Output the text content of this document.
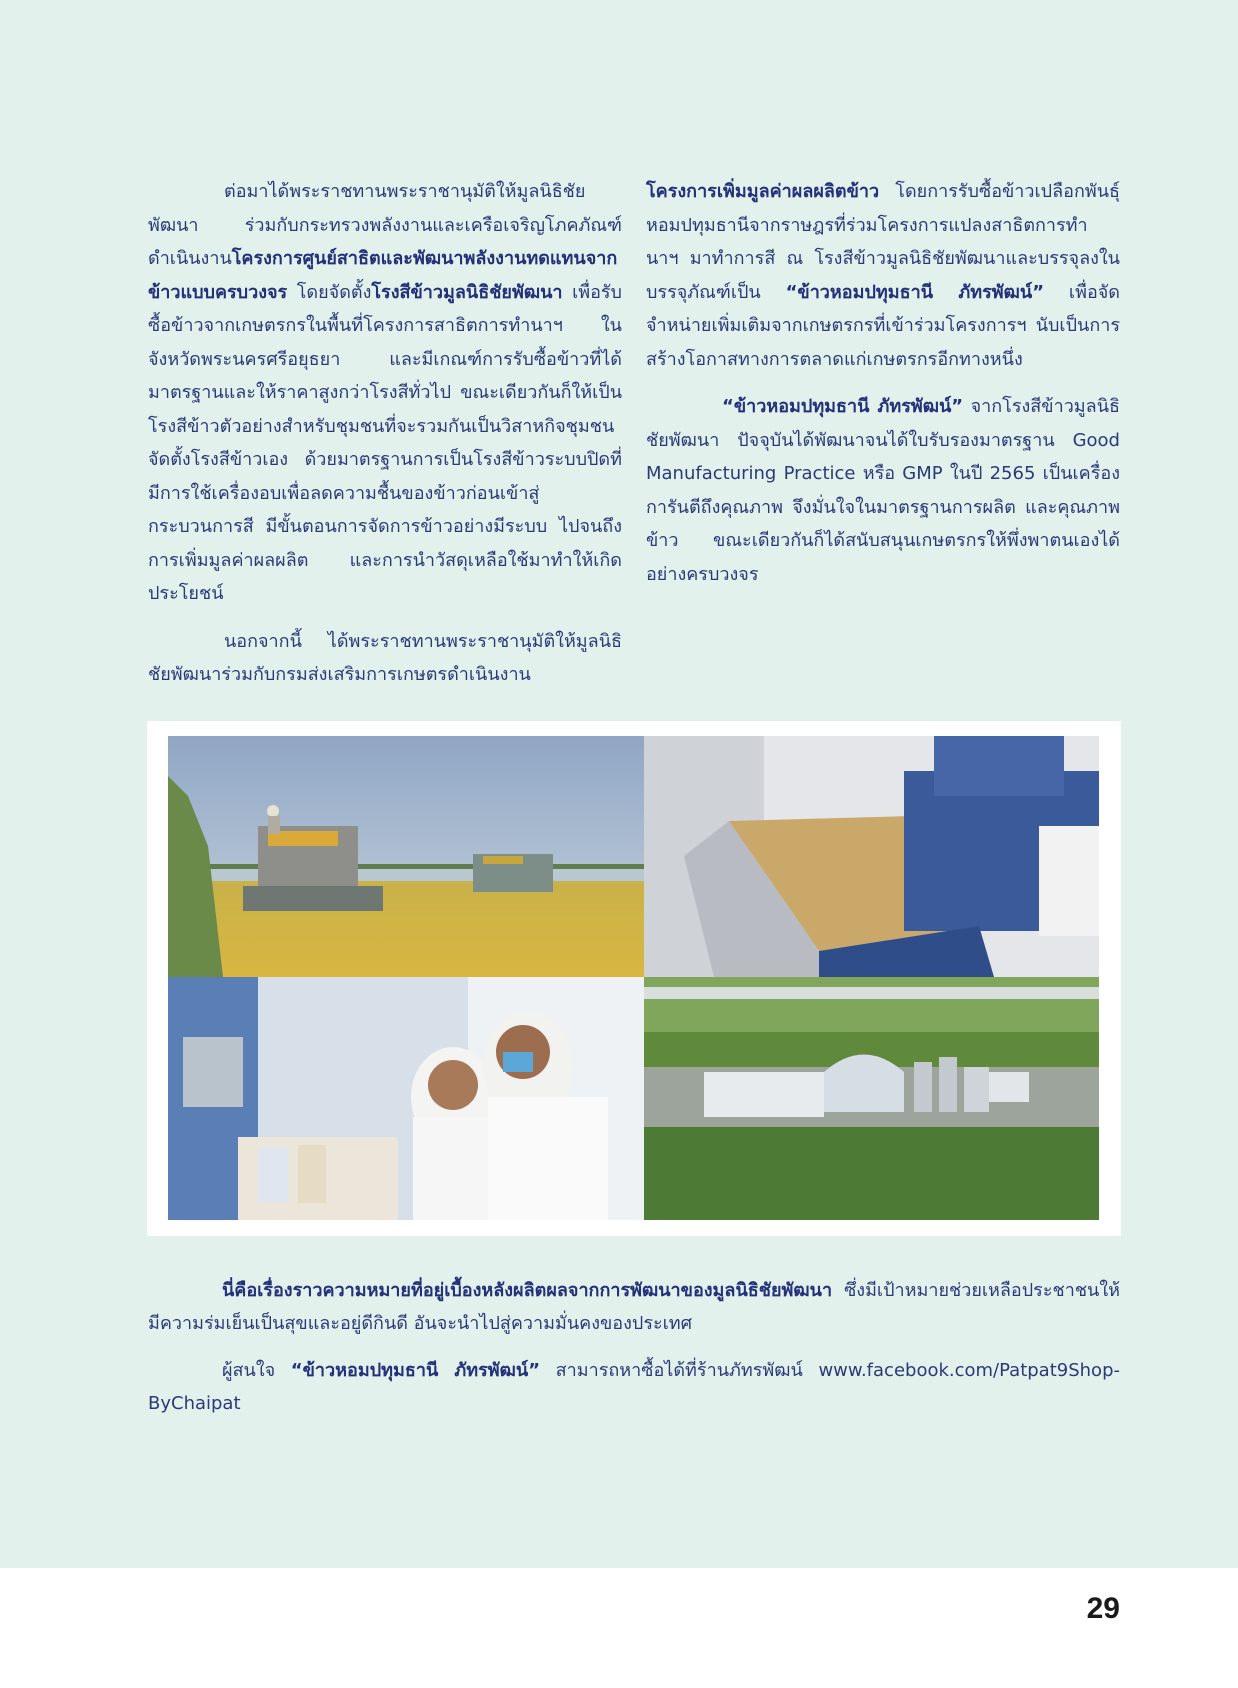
ต่อมาได้พระราชทานพระราชานุมัติให้มูลนิธิชัยพัฒนา ร่วมกับกระทรวงพลังงานและเครือเจริญโภคภัณฑ์ ดำเนินงานโครงการศูนย์สาธิตและพัฒนาพลังงานทดแทนจากข้าวแบบครบวงจร โดยจัดตั้งโรงสีข้าวมูลนิธิชัยพัฒนา เพื่อรับซื้อข้าวจากเกษตรกรในพื้นที่โครงการสาธิตการทำนาฯ ในจังหวัดพระนครศรีอยุธยา และมีเกณฑ์การรับซื้อข้าวที่ได้มาตรฐานและให้ราคาสูงกว่าโรงสีทั่วไป ขณะเดียวกันก็ให้เป็นโรงสีข้าวตัวอย่างสำหรับชุมชนที่จะรวมกันเป็นวิสาหกิจชุมชนจัดตั้งโรงสีข้าวเอง ด้วยมาตรฐานการเป็นโรงสีข้าวระบบปิดที่มีการใช้เครื่องอบเพื่อลดความชื้นของข้าวก่อนเข้าสู่กระบวนการสี มีขั้นตอนการจัดการข้าวอย่างมีระบบ ไปจนถึงการเพิ่มมูลค่าผลผลิต และการนำวัสดุเหลือใช้มาทำให้เกิดประโยชน์

นอกจากนี้ ได้พระราชทานพระราชานุมัติให้มูลนิธิชัยพัฒนาร่วมกับกรมส่งเสริมการเกษตรดำเนินงาน

โครงการเพิ่มมูลค่าผลผลิตข้าว โดยการรับซื้อข้าวเปลือกพันธุ์หอมปทุมธานีจากราษฎรที่ร่วมโครงการแปลงสาธิตการทำนาฯ มาทำการสี ณ โรงสีข้าวมูลนิธิชัยพัฒนาและบรรจุลงในบรรจุภัณฑ์เป็น “ข้าวหอมปทุมธานี ภัทรพัฒน์” เพื่อจัดจำหน่ายเพิ่มเติมจากเกษตรกรที่เข้าร่วมโครงการฯ นับเป็นการสร้างโอกาสทางการตลาดแก่เกษตรกรอีกทางหนึ่ง

“ข้าวหอมปทุมธานี ภัทรพัฒน์” จากโรงสีข้าวมูลนิธิชัยพัฒนา ปัจจุบันได้พัฒนาจนได้ใบรับรองมาตรฐาน Good Manufacturing Practice หรือ GMP ในปี 2565 เป็นเครื่องการันตีถึงคุณภาพ จึงมั่นใจในมาตรฐานการผลิต และคุณภาพข้าว ขณะเดียวกันก็ได้สนับสนุนเกษตรกรให้พึ่งพาตนเองได้อย่างครบวงจร

นี่คือเรื่องราวความหมายที่อยู่เบื้องหลังผลิตผลจากการพัฒนาของมูลนิธิชัยพัฒนา ซึ่งมีเป้าหมายช่วยเหลือประชาชนให้มีความร่มเย็นเป็นสุขและอยู่ดีกินดี อันจะนำไปสู่ความมั่นคงของประเทศ

ผู้สนใจ “ข้าวหอมปทุมธานี ภัทรพัฒน์” สามารถหาซื้อได้ที่ร้านภัทรพัฒน์ www.facebook.com/Patpat9Shop-ByChaipat

29
